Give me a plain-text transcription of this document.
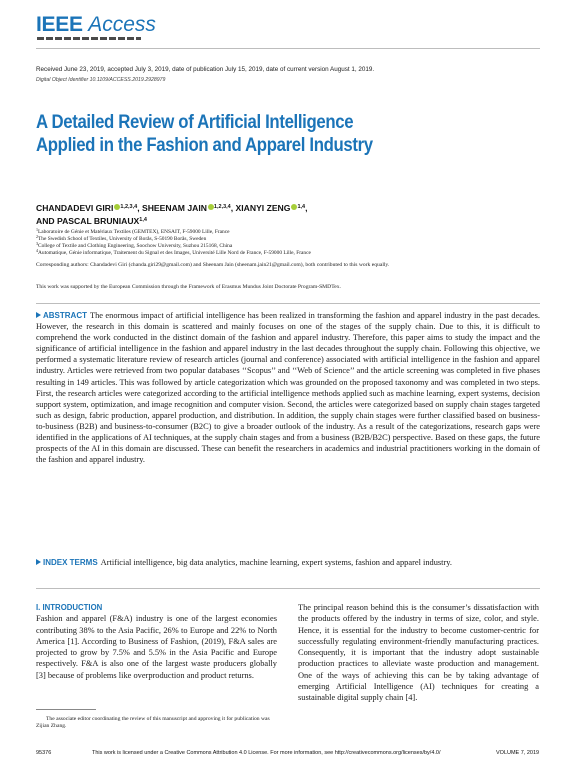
IEEE Access
Received June 23, 2019, accepted July 3, 2019, date of publication July 15, 2019, date of current version August 1, 2019.
Digital Object Identifier 10.1109/ACCESS.2019.2928979
A Detailed Review of Artificial Intelligence Applied in the Fashion and Apparel Industry
CHANDADEVI GIRI $^{1,2,3,4}$, SHEENAM JAIN $^{1,2,3,4}$, XIANYI ZENG $^{1,4}$,
AND PASCAL BRUNIAUX$^{1,4}$
$^1$Laboratoire de Génie et Matériaux Textiles (GEMTEX), ENSAIT, F-59000 Lille, France
$^2$The Swedish School of Textiles, University of Borås, S-50190 Borås, Sweden
$^3$College of Textile and Clothing Engineering, Soochow University, Suzhou 215168, China
$^4$Automatique, Génie informatique, Traitement du Signal et des Images, Université Lille Nord de France, F-59000 Lille, France
Corresponding authors: Chandadevi Giri (chanda.giri29@gmail.com) and Sheenam Jain (sheenam.jain21@gmail.com), both contributed to this work equally.
This work was supported by the European Commission through the Framework of Erasmus Mundus Joint Doctorate Program-SMDTex.
ABSTRACT The enormous impact of artificial intelligence has been realized in transforming the fashion and apparel industry in the past decades. However, the research in this domain is scattered and mainly focuses on one of the stages of the supply chain. Due to this, it is difficult to comprehend the work conducted in the distinct domain of the fashion and apparel industry. Therefore, this paper aims to study the impact and the significance of artificial intelligence in the fashion and apparel industry in the last decades throughout the supply chain. Following this objective, we performed a systematic literature review of research articles (journal and conference) associated with artificial intelligence in the fashion and apparel industry. Articles were retrieved from two popular databases ‘‘Scopus’’ and ‘‘Web of Science’’ and the article screening was completed in five phases resulting in 149 articles. This was followed by article categorization which was grounded on the proposed taxonomy and was completed in two steps. First, the research articles were categorized according to the artificial intelligence methods applied such as machine learning, expert systems, decision support system, optimization, and image recognition and computer vision. Second, the articles were categorized based on supply chain stages targeted such as design, fabric production, apparel production, and distribution. In addition, the supply chain stages were further classified based on business-to-business (B2B) and business-to-consumer (B2C) to give a broader outlook of the industry. As a result of the categorizations, research gaps were identified in the applications of AI techniques, at the supply chain stages and from a business (B2B/B2C) perspective. Based on these gaps, the future prospects of the AI in this domain are discussed. These can benefit the researchers in academics and industrial practitioners working in the domain of the fashion and apparel industry.
INDEX TERMS Artificial intelligence, big data analytics, machine learning, expert systems, fashion and apparel industry.
I. INTRODUCTION
Fashion and apparel (F&A) industry is one of the largest economies contributing 38% to the Asia Pacific, 26% to Europe and 22% to North America [1]. According to Business of Fashion, (2019), F&A sales are projected to grow by 7.5% and 5.5% in the Asia Pacific and Europe respectively. F&A is also one of the largest waste producers globally [3] because of problems like overproduction and product returns.
The principal reason behind this is the consumer’s dissatisfaction with the products offered by the industry in terms of size, color, and style. Hence, it is essential for the industry to become customer-centric for successfully regulating environment-friendly manufacturing practices. Consequently, it is important that the industry adopt sustainable production practices to alleviate waste production and management. One of the ways of achieving this can be by taking advantage of emerging Artificial Intelligence (AI) techniques for creating a sustainable digital supply chain [4].
The associate editor coordinating the review of this manuscript and approving it for publication was Zijian Zhang.
95376	This work is licensed under a Creative Commons Attribution 4.0 License. For more information, see http://creativecommons.org/licenses/by/4.0/	VOLUME 7, 2019
